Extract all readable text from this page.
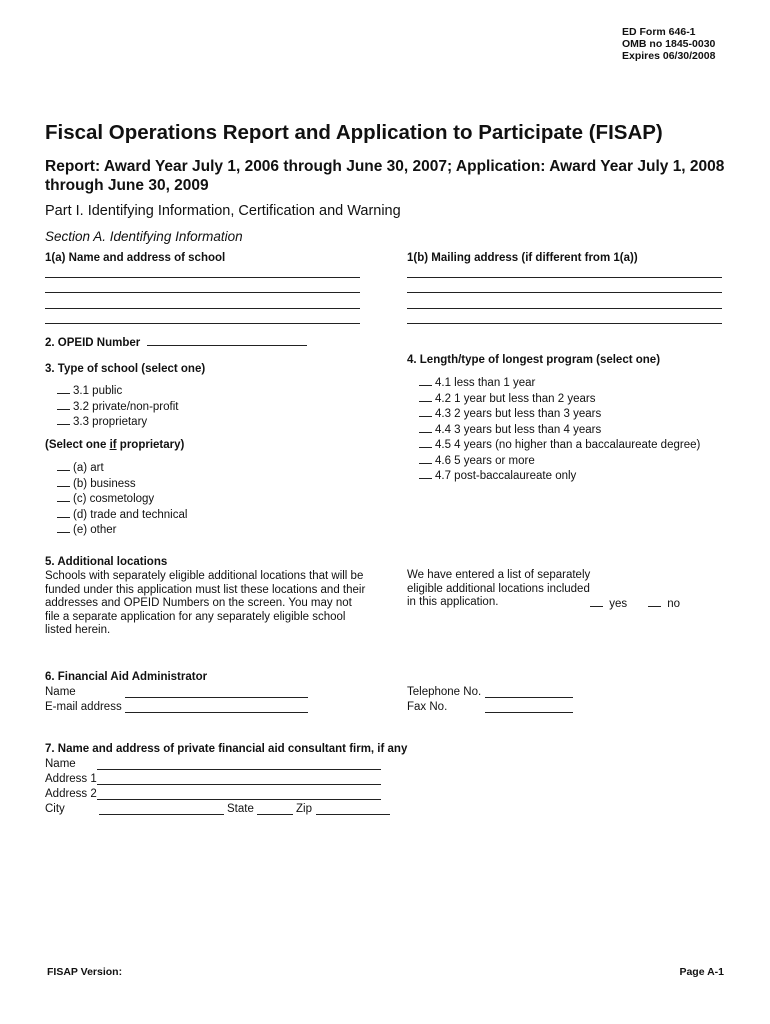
ED Form 646-1
OMB no 1845-0030
Expires 06/30/2008
Fiscal Operations Report and Application to Participate (FISAP)
Report: Award Year July 1, 2006 through June 30, 2007; Application: Award Year July 1, 2008 through June 30, 2009
Part I. Identifying Information, Certification and Warning
Section A. Identifying Information
1(a) Name and address of school	1(b) Mailing address (if different from 1(a))
2. OPEID Number
3. Type of school (select one)
3.1 public
3.2 private/non-profit
3.3 proprietary
(Select one if proprietary)
(a) art
(b) business
(c) cosmetology
(d) trade and technical
(e) other
4. Length/type of longest program (select one)
4.1 less than 1 year
4.2 1 year but less than 2 years
4.3 2 years but less than 3 years
4.4 3 years but less than 4 years
4.5 4 years (no higher than a baccalaureate degree)
4.6 5 years or more
4.7 post-baccalaureate only
5. Additional locations
Schools with separately eligible additional locations that will be
funded under this application must list these locations and their
addresses and OPEID Numbers on the screen. You may not
file a separate application for any separately eligible school
listed herein.
We have entered a list of separately
eligible additional locations included
in this application.	yes	no
6. Financial Aid Administrator
Name
E-mail address
Telephone No.
Fax No.
7. Name and address of private financial aid consultant firm, if any
Name
Address 1
Address 2
City	State	Zip
FISAP Version:	Page A-1
